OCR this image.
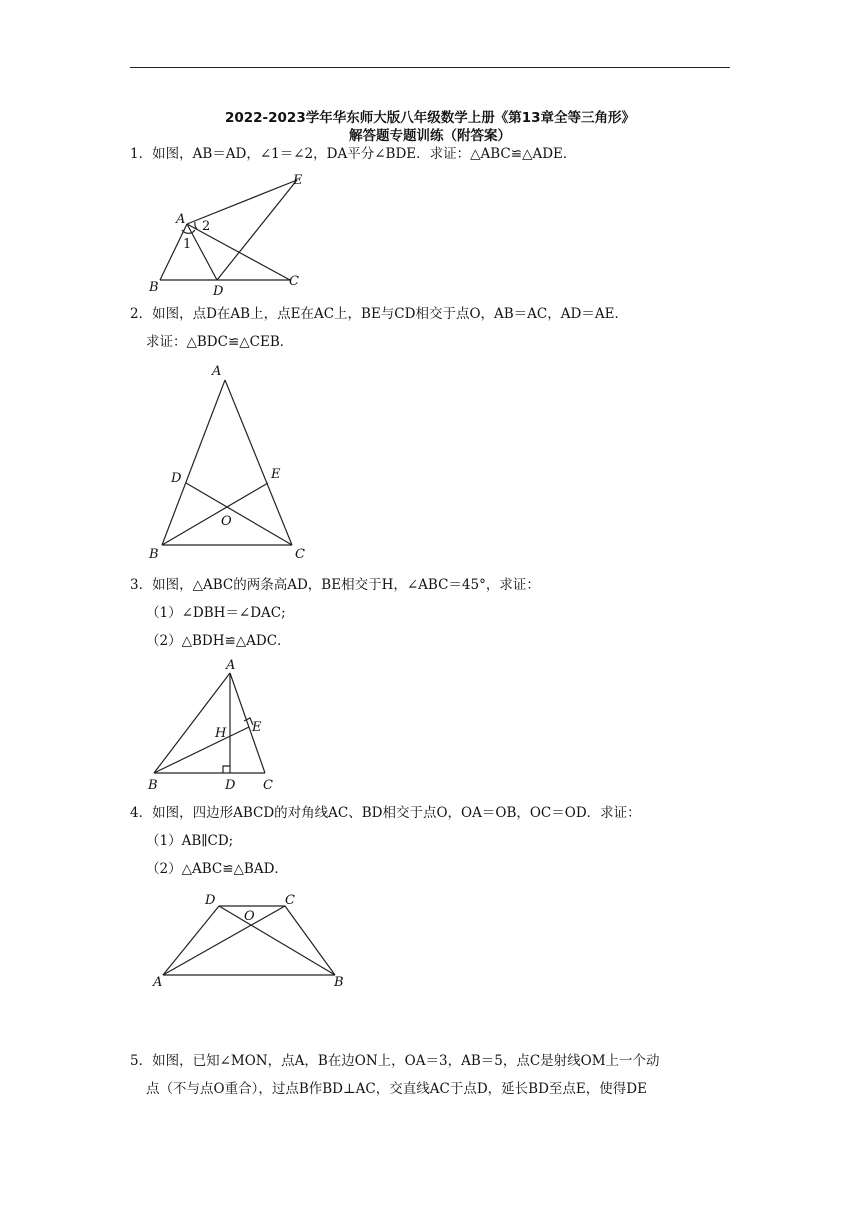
2022-2023学年华东师大版八年级数学上册《第13章全等三角形》
解答题专题训练（附答案）
1．如图，AB＝AD，∠1＝∠2，DA平分∠BDE．求证：△ABC≌△ADE．
A
B	C
D
E
1
2
2．如图，点D在AB上，点E在AC上，BE与CD相交于点O，AB＝AC，AD＝AE．
求证：△BDC≌△CEB．
A
B	C
D	E
O
3．如图，△ABC的两条高AD，BE相交于H，∠ABC＝45°，求证：
（1）∠DBH＝∠DAC;
（2）△BDH≌△ADC．
A
B	C
D
E
H
4．如图，四边形ABCD的对角线AC、BD相交于点O，OA＝OB，OC＝OD．求证：
（1）AB∥CD;
（2）△ABC≌△BAD．
A	B
C
D
O
5．如图，已知∠MON，点A，B在边ON上，OA＝3，AB＝5，点C是射线OM上一个动
点（不与点O重合），过点B作BD⊥AC，交直线AC于点D，延长BD至点E，使得DE
